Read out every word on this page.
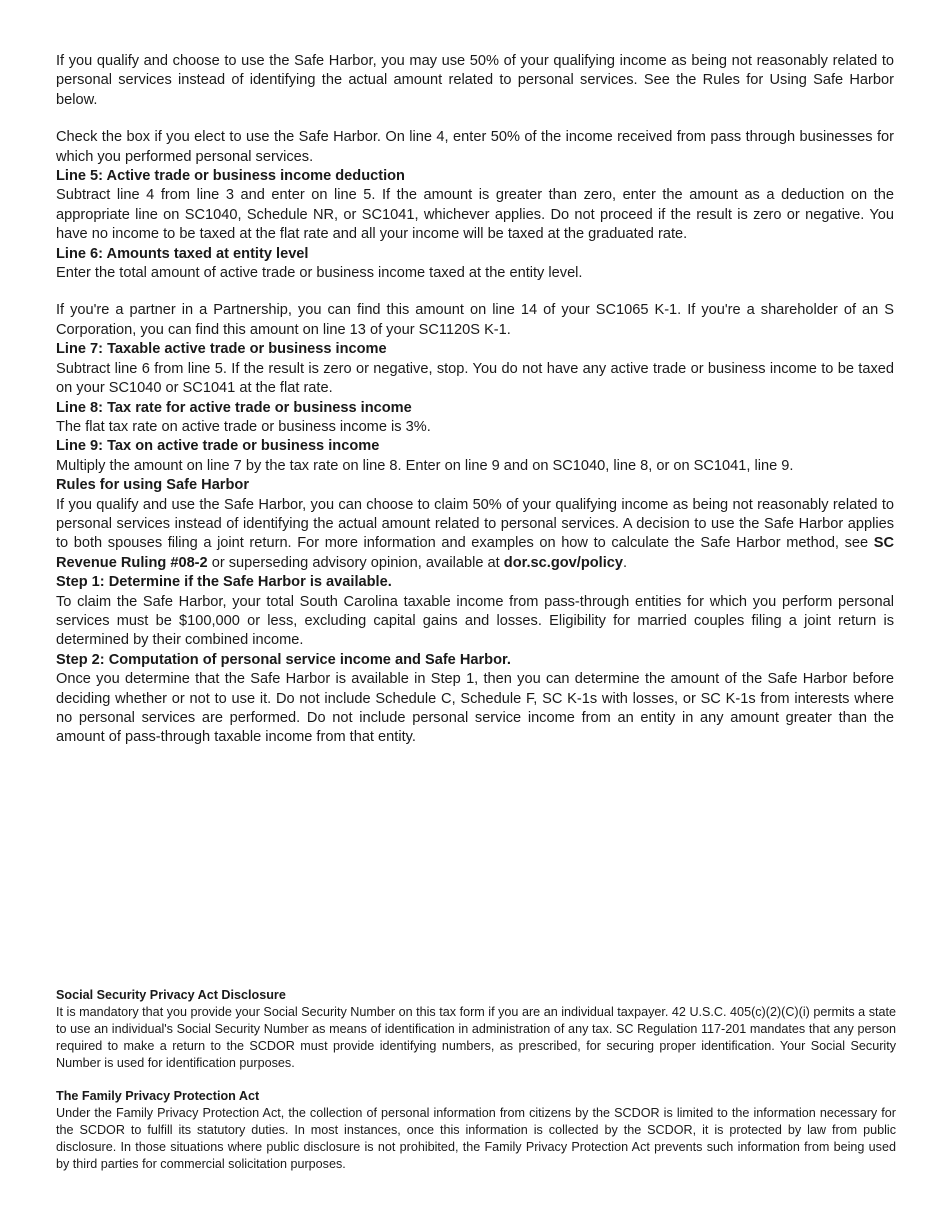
If you qualify and choose to use the Safe Harbor, you may use 50% of your qualifying income as being not reasonably related to personal services instead of identifying the actual amount related to personal services. See the Rules for Using Safe Harbor below.

Check the box if you elect to use the Safe Harbor. On line 4, enter 50% of the income received from pass through businesses for which you performed personal services.

Line 5: Active trade or business income deduction

Subtract line 4 from line 3 and enter on line 5. If the amount is greater than zero, enter the amount as a deduction on the appropriate line on SC1040, Schedule NR, or SC1041, whichever applies. Do not proceed if the result is zero or negative. You have no income to be taxed at the flat rate and all your income will be taxed at the graduated rate.

Line 6: Amounts taxed at entity level

Enter the total amount of active trade or business income taxed at the entity level.

If you're a partner in a Partnership, you can find this amount on line 14 of your SC1065 K-1. If you're a shareholder of an S Corporation, you can find this amount on line 13 of your SC1120S K-1.

Line 7: Taxable active trade or business income

Subtract line 6 from line 5. If the result is zero or negative, stop. You do not have any active trade or business income to be taxed on your SC1040 or SC1041 at the flat rate.

Line 8: Tax rate for active trade or business income

The flat tax rate on active trade or business income is 3%.

Line 9: Tax on active trade or business income

Multiply the amount on line 7 by the tax rate on line 8. Enter on line 9 and on SC1040, line 8, or on SC1041, line 9.

Rules for using Safe Harbor

If you qualify and use the Safe Harbor, you can choose to claim 50% of your qualifying income as being not reasonably related to personal services instead of identifying the actual amount related to personal services. A decision to use the Safe Harbor applies to both spouses filing a joint return. For more information and examples on how to calculate the Safe Harbor method, see SC Revenue Ruling #08-2 or superseding advisory opinion, available at dor.sc.gov/policy.

Step 1: Determine if the Safe Harbor is available.

To claim the Safe Harbor, your total South Carolina taxable income from pass-through entities for which you perform personal services must be $100,000 or less, excluding capital gains and losses. Eligibility for married couples filing a joint return is determined by their combined income.

Step 2: Computation of personal service income and Safe Harbor.

Once you determine that the Safe Harbor is available in Step 1, then you can determine the amount of the Safe Harbor before deciding whether or not to use it. Do not include Schedule C, Schedule F, SC K-1s with losses, or SC K-1s from interests where no personal services are performed. Do not include personal service income from an entity in any amount greater than the amount of pass-through taxable income from that entity.

Social Security Privacy Act Disclosure

It is mandatory that you provide your Social Security Number on this tax form if you are an individual taxpayer. 42 U.S.C. 405(c)(2)(C)(i) permits a state to use an individual's Social Security Number as means of identification in administration of any tax. SC Regulation 117-201 mandates that any person required to make a return to the SCDOR must provide identifying numbers, as prescribed, for securing proper identification. Your Social Security Number is used for identification purposes.

The Family Privacy Protection Act

Under the Family Privacy Protection Act, the collection of personal information from citizens by the SCDOR is limited to the information necessary for the SCDOR to fulfill its statutory duties. In most instances, once this information is collected by the SCDOR, it is protected by law from public disclosure. In those situations where public disclosure is not prohibited, the Family Privacy Protection Act prevents such information from being used by third parties for commercial solicitation purposes.
